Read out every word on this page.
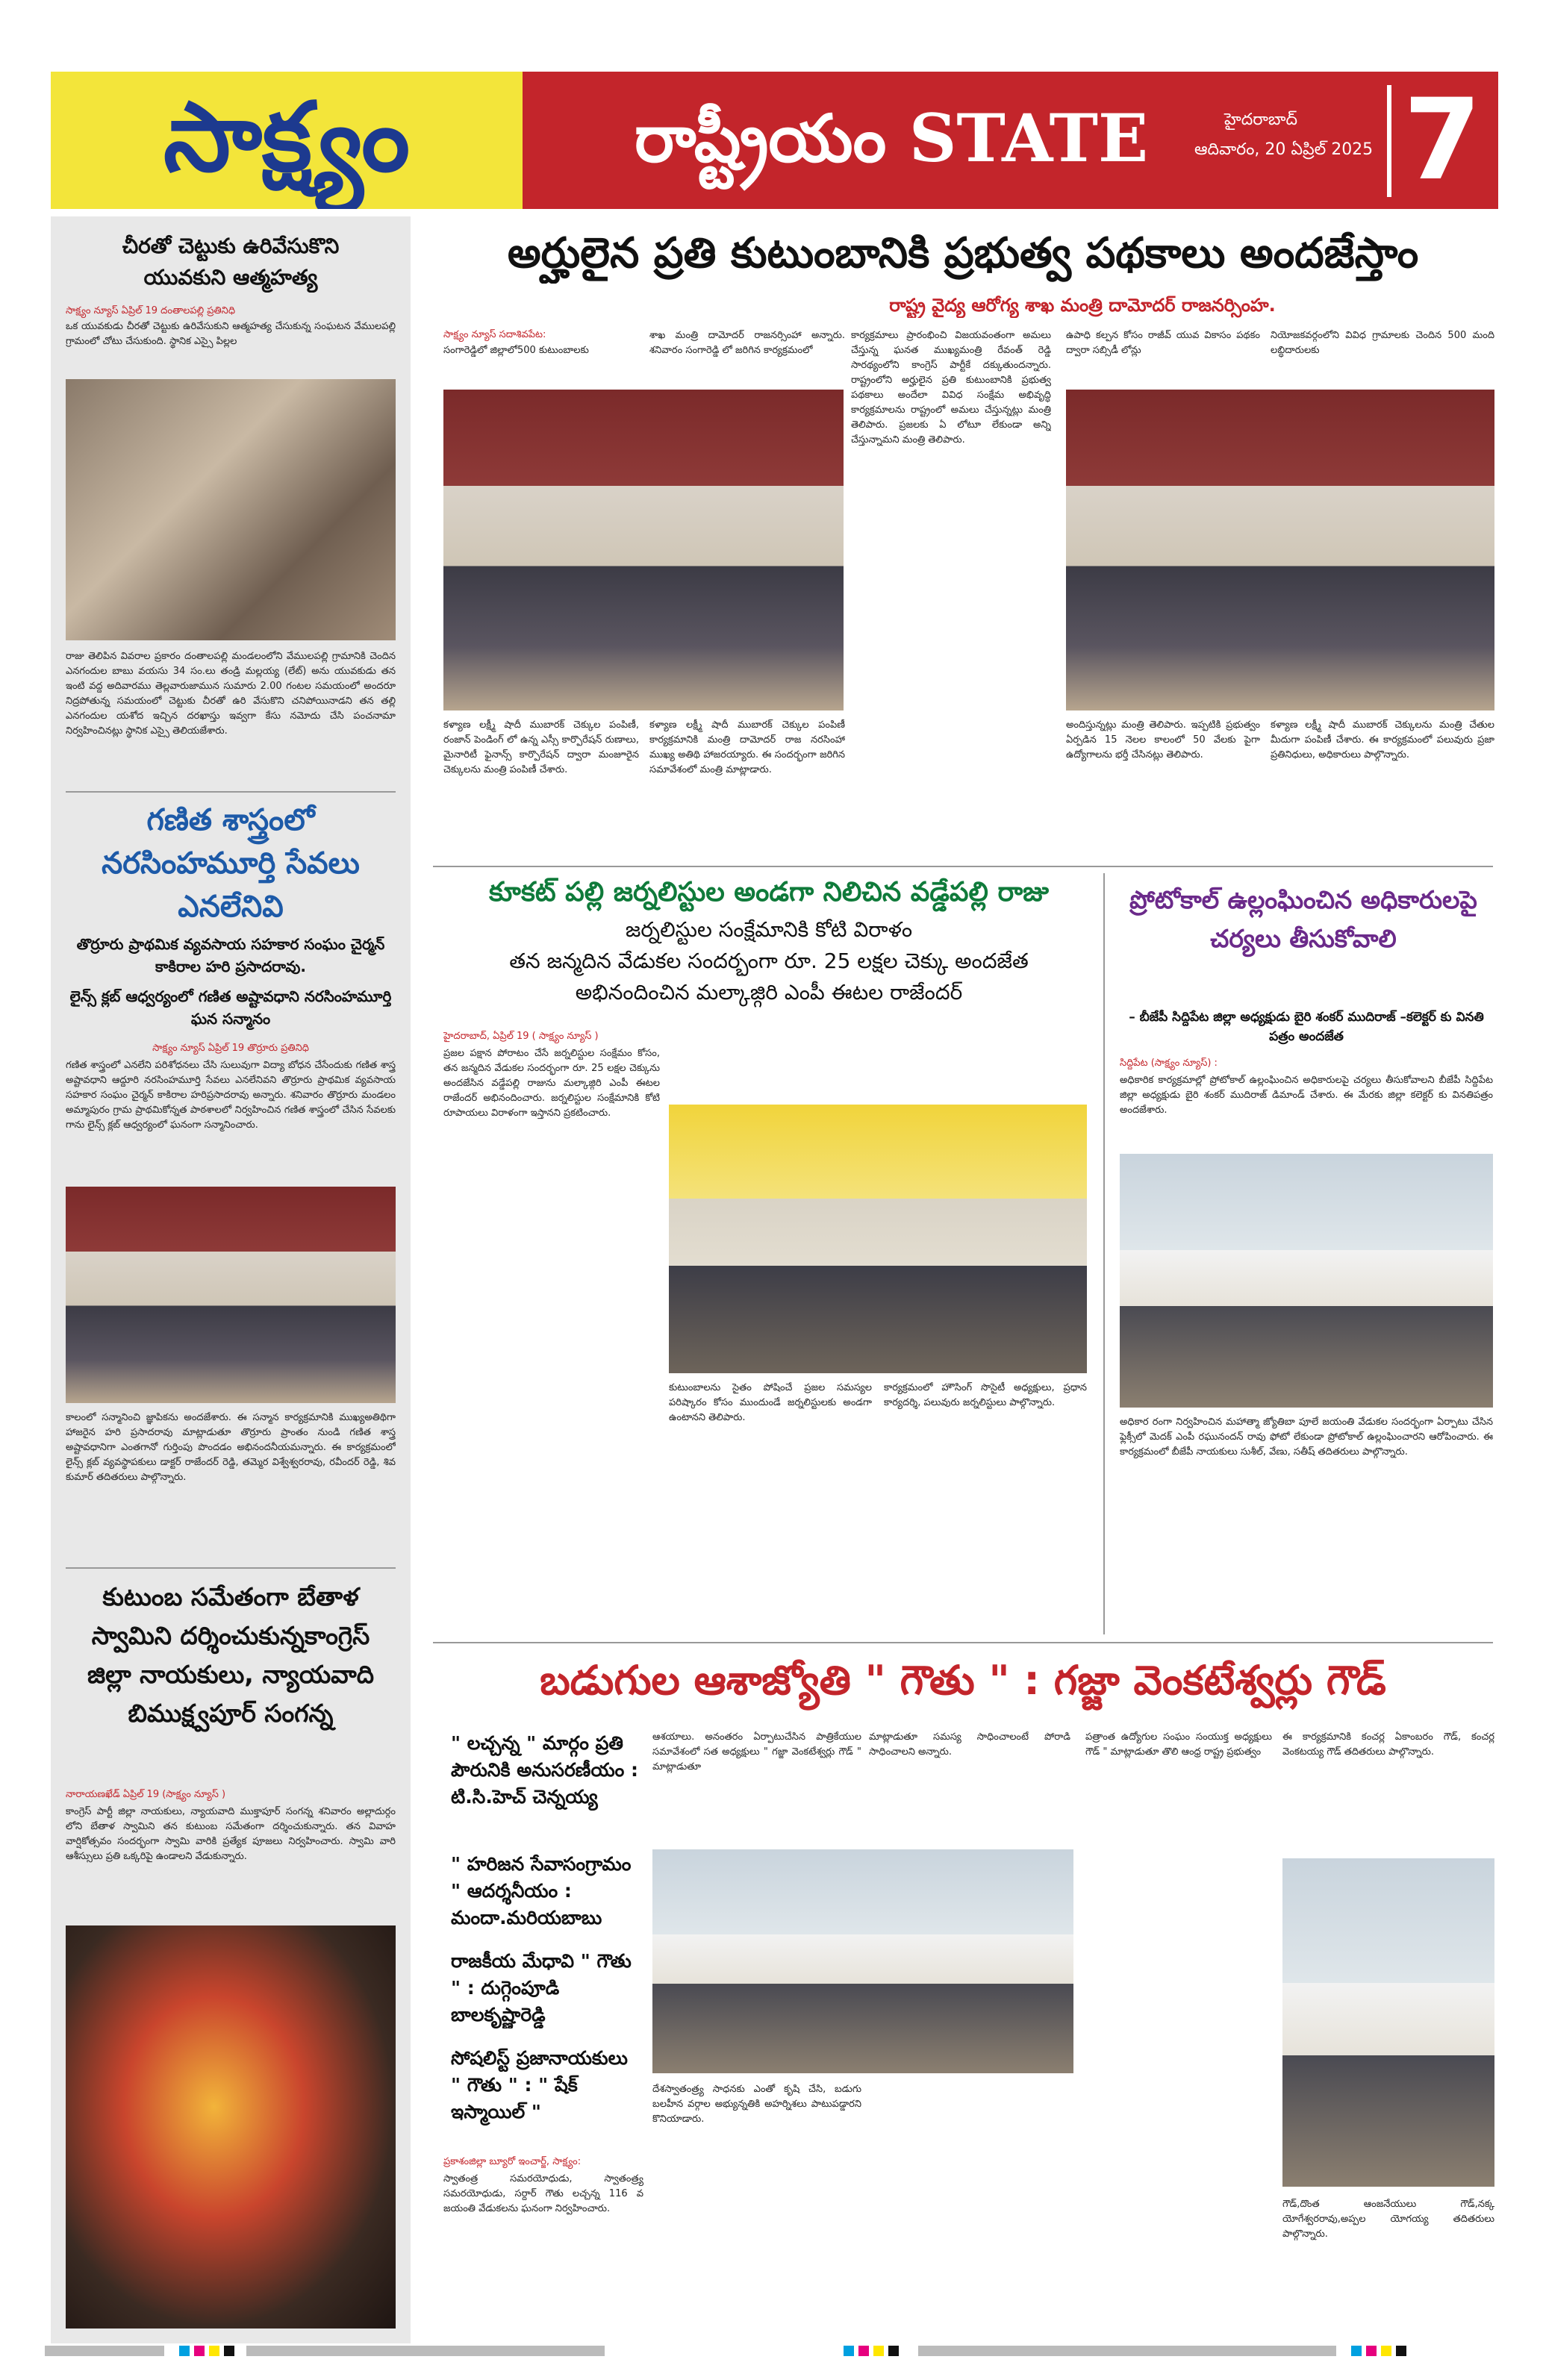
సాక్ష్యం	రాష్ట్రీయం STATE	హైదరాబాద్
ఆదివారం, 20 ఏప్రిల్ 2025 7
చీరతో చెట్టుకు ఉరివేసుకొని
యువకుని ఆత్మహత్య
సాక్ష్యం న్యూస్ ఏప్రిల్ 19 దంతాలపల్లి ప్రతినిధి
ఒక యువకుడు చీరతో చెట్టుకు ఉరివేసుకుని ఆత్మహత్య చేసుకున్న సంఘటన వేములపల్లి గ్రామంలో చోటు చేసుకుంది. స్థానిక ఎస్సై పిల్లల
రాజు తెలిపిన వివరాల ప్రకారం దంతాలపల్లి మండలంలోని వేములపల్లి గ్రామానికి చెందిన ఎనగందుల బాబు వయసు 34 సం.లు తండ్రి మల్లయ్య (లేట్) అను యువకుడు తన ఇంటి వద్ద అదివారము తెల్లవారుజామున సుమారు 2.00 గంటల సమయంలో అందరూ నిద్రపోతున్న సమయంలో చెట్టుకు చీరతో ఉరి వేసుకొని చనిపోయినాడని తన తల్లి ఎనగందుల యశోద ఇచ్చిన దరఖాస్తు ఇవ్వగా కేసు నమోదు చేసి పంచనామా నిర్వహించినట్లు స్థానిక ఎస్సై తెలియజేశారు.
గణిత శాస్త్రంలో నరసింహమూర్తి సేవలు ఎనలేనివి
తొర్రూరు ప్రాథమిక వ్యవసాయ సహకార సంఘం చైర్మన్ కాకిరాల హరి ప్రసాదరావు.
లైన్స్ క్లబ్ ఆధ్వర్యంలో గణిత అష్టావధాని నరసింహమూర్తి ఘన సన్మానం
సాక్ష్యం న్యూస్ ఏప్రిల్ 19 తొర్రూరు ప్రతినిధి
గణిత శాస్త్రంలో ఎనలేని పరిశోధనలు చేసి సులువుగా విద్యా బోధన చేసేందుకు గణిత శాస్త్ర అష్టావధాని ఆద్దూరి నరసింహమూర్తి సేవలు ఎనలేనివని తొర్రూరు ప్రాథమిక వ్యవసాయ సహకార సంఘం చైర్మన్ కాకిరాల హరిప్రసాదరావు అన్నారు. శనివారం తొర్రూరు మండలం అమ్మాపురం గ్రామ ప్రాథమికోన్నత పాఠశాలలో నిర్వహించిన గణిత శాస్త్రంలో చేసిన సేవలకు గాను లైన్స్ క్లబ్ ఆధ్వర్యంలో ఘనంగా సన్మానించారు.
కాలంలో సన్మానించి జ్ఞాపికను అందజేశారు. ఈ సన్మాన కార్యక్రమానికి ముఖ్యఅతిథిగా హాజరైన హరి ప్రసాదరావు మాట్లాడుతూ తొర్రూరు ప్రాంతం నుండి గణిత శాస్త్ర అష్టావధానిగా ఎంతగానో గుర్తింపు పొందడం అభినందనీయమన్నారు. ఈ కార్యక్రమంలో లైన్స్ క్లబ్ వ్యవస్థాపకులు డాక్టర్ రాజేందర్ రెడ్డి, తమ్మెర విశ్వేశ్వరరావు, రవీందర్ రెడ్డి, శివ కుమార్ తదితరులు పాల్గొన్నారు.
కుటుంబ సమేతంగా బేతాళ స్వామిని దర్శించుకున్నకాంగ్రెస్ జిల్లా నాయకులు, న్యాయవాది బిముక్ష్వపూర్ సంగన్న
నారాయణఖేడ్ ఏప్రిల్ 19 (సాక్ష్యం న్యూస్ )
కాంగ్రెస్ పార్టీ జిల్లా నాయకులు, న్యాయవాది ముక్తాపూర్ సంగన్న శనివారం అల్లాదుర్గం లోని బేతాళ స్వామిని తన కుటుంబ సమేతంగా దర్శించుకున్నారు. తన వివాహ వార్షికోత్సవం సందర్భంగా స్వామి వారికి ప్రత్యేక పూజలు నిర్వహించారు. స్వామి వారి ఆశీస్సులు ప్రతి ఒక్కరిపై ఉండాలని వేడుకున్నారు.
అర్హులైన ప్రతి కుటుంబానికి ప్రభుత్వ పథకాలు అందజేస్తాం
రాష్ట్ర వైద్య ఆరోగ్య శాఖ మంత్రి దామోదర్ రాజనర్సింహ.
సాక్ష్యం న్యూస్ సదాశివపేట:
సంగారెడ్డిలో జిల్లాలో500 కుటుంబాలకు
శాఖ మంత్రి దామోదర్ రాజనర్సింహా అన్నారు. శనివారం సంగారెడ్డి లో జరిగిన కార్యక్రమంలో
కార్యక్రమాలు ప్రారంభించి విజయవంతంగా అమలు చేస్తున్న ఘనత ముఖ్యమంత్రి రేవంత్ రెడ్డి సారథ్యంలోని కాంగ్రెస్ పార్టీకే దక్కుతుందన్నారు. రాష్ట్రంలోని అర్హులైన ప్రతి కుటుంబానికి ప్రభుత్వ పథకాలు అందేలా వివిధ సంక్షేమ అభివృద్ధి కార్యక్రమాలను రాష్ట్రంలో అమలు చేస్తున్నట్లు మంత్రి తెలిపారు. ప్రజలకు ఏ లోటూ లేకుండా అన్ని చేస్తున్నామని మంత్రి తెలిపారు.
ఉపాధి కల్పన కోసం రాజీవ్ యువ వికాసం పథకం ద్వారా సబ్సిడీ లోన్లు
నియోజకవర్గంలోని వివిధ గ్రామాలకు చెందిన 500 మంది లబ్ధిదారులకు
కళ్యాణ లక్ష్మీ షాదీ ముబారక్ చెక్కుల పంపిణీ, రంజాన్ పెండింగ్ లో ఉన్న ఎస్సీ కార్పొరేషన్ రుణాలు, మైనారిటీ ఫైనాన్స్ కార్పొరేషన్ ద్వారా మంజూరైన చెక్కులను మంత్రి పంపిణీ చేశారు.
కళ్యాణ లక్ష్మీ షాదీ ముబారక్ చెక్కుల పంపిణీ కార్యక్రమానికి మంత్రి దామోదర్ రాజ నరసింహా ముఖ్య అతిథి హాజరయ్యారు. ఈ సందర్భంగా జరిగిన సమావేశంలో మంత్రి మాట్లాడారు.
అందిస్తున్నట్లు మంత్రి తెలిపారు. ఇప్పటికి ప్రభుత్వం ఏర్పడిన 15 నెలల కాలంలో 50 వేలకు పైగా ఉద్యోగాలను భర్తీ చేసినట్లు తెలిపారు.
కళ్యాణ లక్ష్మీ షాదీ ముబారక్ చెక్కులను మంత్రి చేతుల మీదుగా పంపిణీ చేశారు. ఈ కార్యక్రమంలో పలువురు ప్రజా ప్రతినిధులు, అధికారులు పాల్గొన్నారు.
కూకట్ పల్లి జర్నలిస్టుల అండగా నిలిచిన వడ్డేపల్లి రాజు
జర్నలిస్టుల సంక్షేమానికి కోటి విరాళం
తన జన్మదిన వేడుకల సందర్భంగా రూ. 25 లక్షల చెక్కు అందజేత
అభినందించిన మల్కాజ్గిరి ఎంపీ ఈటల రాజేందర్
హైదరాబాద్, ఏప్రిల్ 19 ( సాక్ష్యం న్యూస్ )
ప్రజల పక్షాన పోరాటం చేసే జర్నలిస్టుల సంక్షేమం కోసం, తన జన్మదిన వేడుకల సందర్భంగా రూ. 25 లక్షల చెక్కును అందజేసిన వడ్డేపల్లి రాజును మల్కాజ్గిరి ఎంపీ ఈటల రాజేందర్ అభినందించారు. జర్నలిస్టుల సంక్షేమానికి కోటి రూపాయలు విరాళంగా ఇస్తానని ప్రకటించారు.
కుటుంబాలను సైతం పోషించే ప్రజల సమస్యల పరిష్కారం కోసం ముందుండే జర్నలిస్టులకు అండగా ఉంటానని తెలిపారు.
కార్యక్రమంలో హౌసింగ్ సొసైటీ అధ్యక్షులు, ప్రధాన కార్యదర్శి, పలువురు జర్నలిస్టులు పాల్గొన్నారు.
ప్రోటోకాల్ ఉల్లంఘించిన అధికారులపై చర్యలు తీసుకోవాలి
– బీజేపీ సిద్దిపేట జిల్లా అధ్యక్షుడు బైరి శంకర్ ముదిరాజ్ –కలెక్టర్ కు వినతి పత్రం అందజేత
సిద్దిపేట (సాక్ష్యం న్యూస్) :
అధికారిక కార్యక్రమాల్లో ప్రోటోకాల్ ఉల్లంఘించిన అధికారులపై చర్యలు తీసుకోవాలని బీజేపీ సిద్దిపేట జిల్లా అధ్యక్షుడు బైరి శంకర్ ముదిరాజ్ డిమాండ్ చేశారు. ఈ మేరకు జిల్లా కలెక్టర్ కు వినతిపత్రం అందజేశారు.
అధికార రంగా నిర్వహించిన మహాత్మా జ్యోతిబా పూలే జయంతి వేడుకల సందర్భంగా ఏర్పాటు చేసిన ఫ్లెక్సీలో మెదక్ ఎంపీ రఘునందన్ రావు ఫోటో లేకుండా ప్రోటోకాల్ ఉల్లంఘించారని ఆరోపించారు. ఈ కార్యక్రమంలో బీజేపీ నాయకులు సుశీల్, వేణు, సతీష్ తదితరులు పాల్గొన్నారు.
బడుగుల ఆశాజ్యోతి " గౌతు " : గజ్జా వెంకటేశ్వర్లు గౌడ్
" లచ్చన్న " మార్గం ప్రతి పౌరునికి అనుసరణీయం : టి.సి.హెచ్ చెన్నయ్య
" హరిజన సేవాసంగ్రామం " ఆదర్శనీయం : మందా.మరియబాబు
రాజకీయ మేధావి " గౌతు " : దుగ్గెంపూడి బాలకృష్ణారెడ్డి
సోషలిస్ట్ ప్రజానాయకులు " గౌతు " : " షేక్ ఇస్మాయిల్ "
ప్రకాశంజిల్లా బ్యూరో ఇంచార్జ్, సాక్ష్యం:
స్వాతంత్ర సమరయోధుడు, స్వాతంత్ర్య సమరయోధుడు, సర్దార్ గౌతు లచ్చన్న 116 వ జయంతి వేడుకలను ఘనంగా నిర్వహించారు.
ఆశయాలు. అనంతరం ఏర్పాటుచేసిన పాత్రికేయుల సమావేశంలో సత అధ్యక్షులు " గజ్జా వెంకటేశ్వర్లు గౌడ్ " మాట్లాడుతూ
మాట్లాడుతూ సమస్య సాధించాలంటే పోరాడి సాధించాలని అన్నారు.
దేశస్వాతంత్ర్య సాధనకు ఎంతో కృషి చేసి, బడుగు బలహీన వర్గాల అభ్యున్నతికి అహర్నిశలు పాటుపడ్డారని కొనియాడారు.
పత్రాంత ఉద్యోగుల సంఘం సంయుక్త అధ్యక్షులు గౌడ్ " మాట్లాడుతూ తొలి ఆంధ్ర రాష్ట్ర ప్రభుత్వం
ఈ కార్యక్రమానికి కంచర్ల ఏకాంబరం గౌడ్, కంచర్ల వెంకటయ్య గౌడ్ తదితరులు పాల్గొన్నారు.
గౌడ్,దొంత ఆంజనేయులు గౌడ్,నక్క యోగేశ్వరరావు,అప్పల యోగయ్య తదితరులు పాల్గొన్నారు.
